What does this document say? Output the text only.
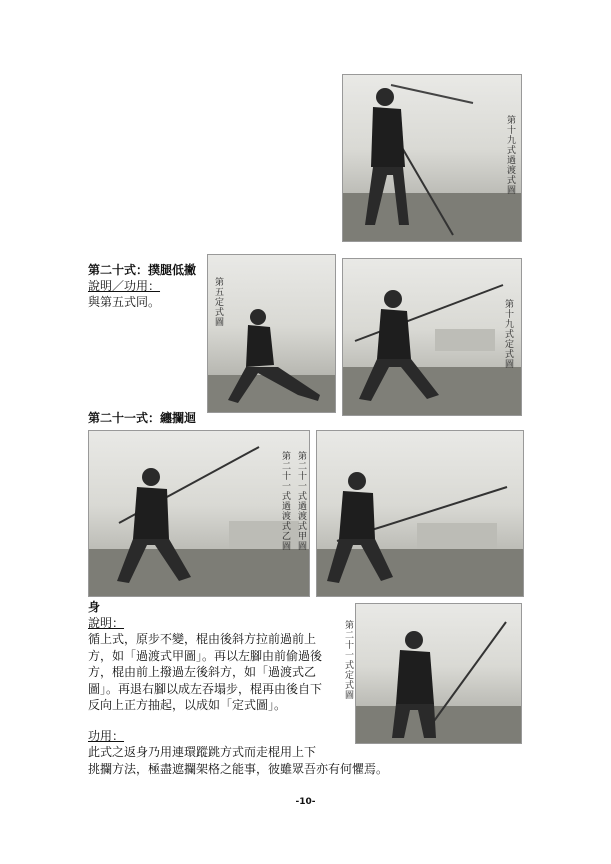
第十九式過渡式圖
第二十式：撲腿低撇
說明／功用：
與第五式同。	第五定式圖	第十九式定式圖
第二十一式：纏攔迴
第二十一式過渡式乙圖 第二十一式過渡式甲圖
身
說明：
循上式，原步不變，棍由後斜方拉前過前上
方，如「過渡式甲圖」。再以左腳由前偷過後
方，棍由前上撥過左後斜方，如「過渡式乙
圖」。再退右腳以成左吞塌步，棍再由後自下
反向上正方抽起，以成如「定式圖」。
功用：
此式之返身乃用連環蹤跳方式而走棍用上下
挑攔方法，極盡遮攔架格之能事，彼雖眾吾亦有何懼焉。
第二十一式定式圖
-10-
